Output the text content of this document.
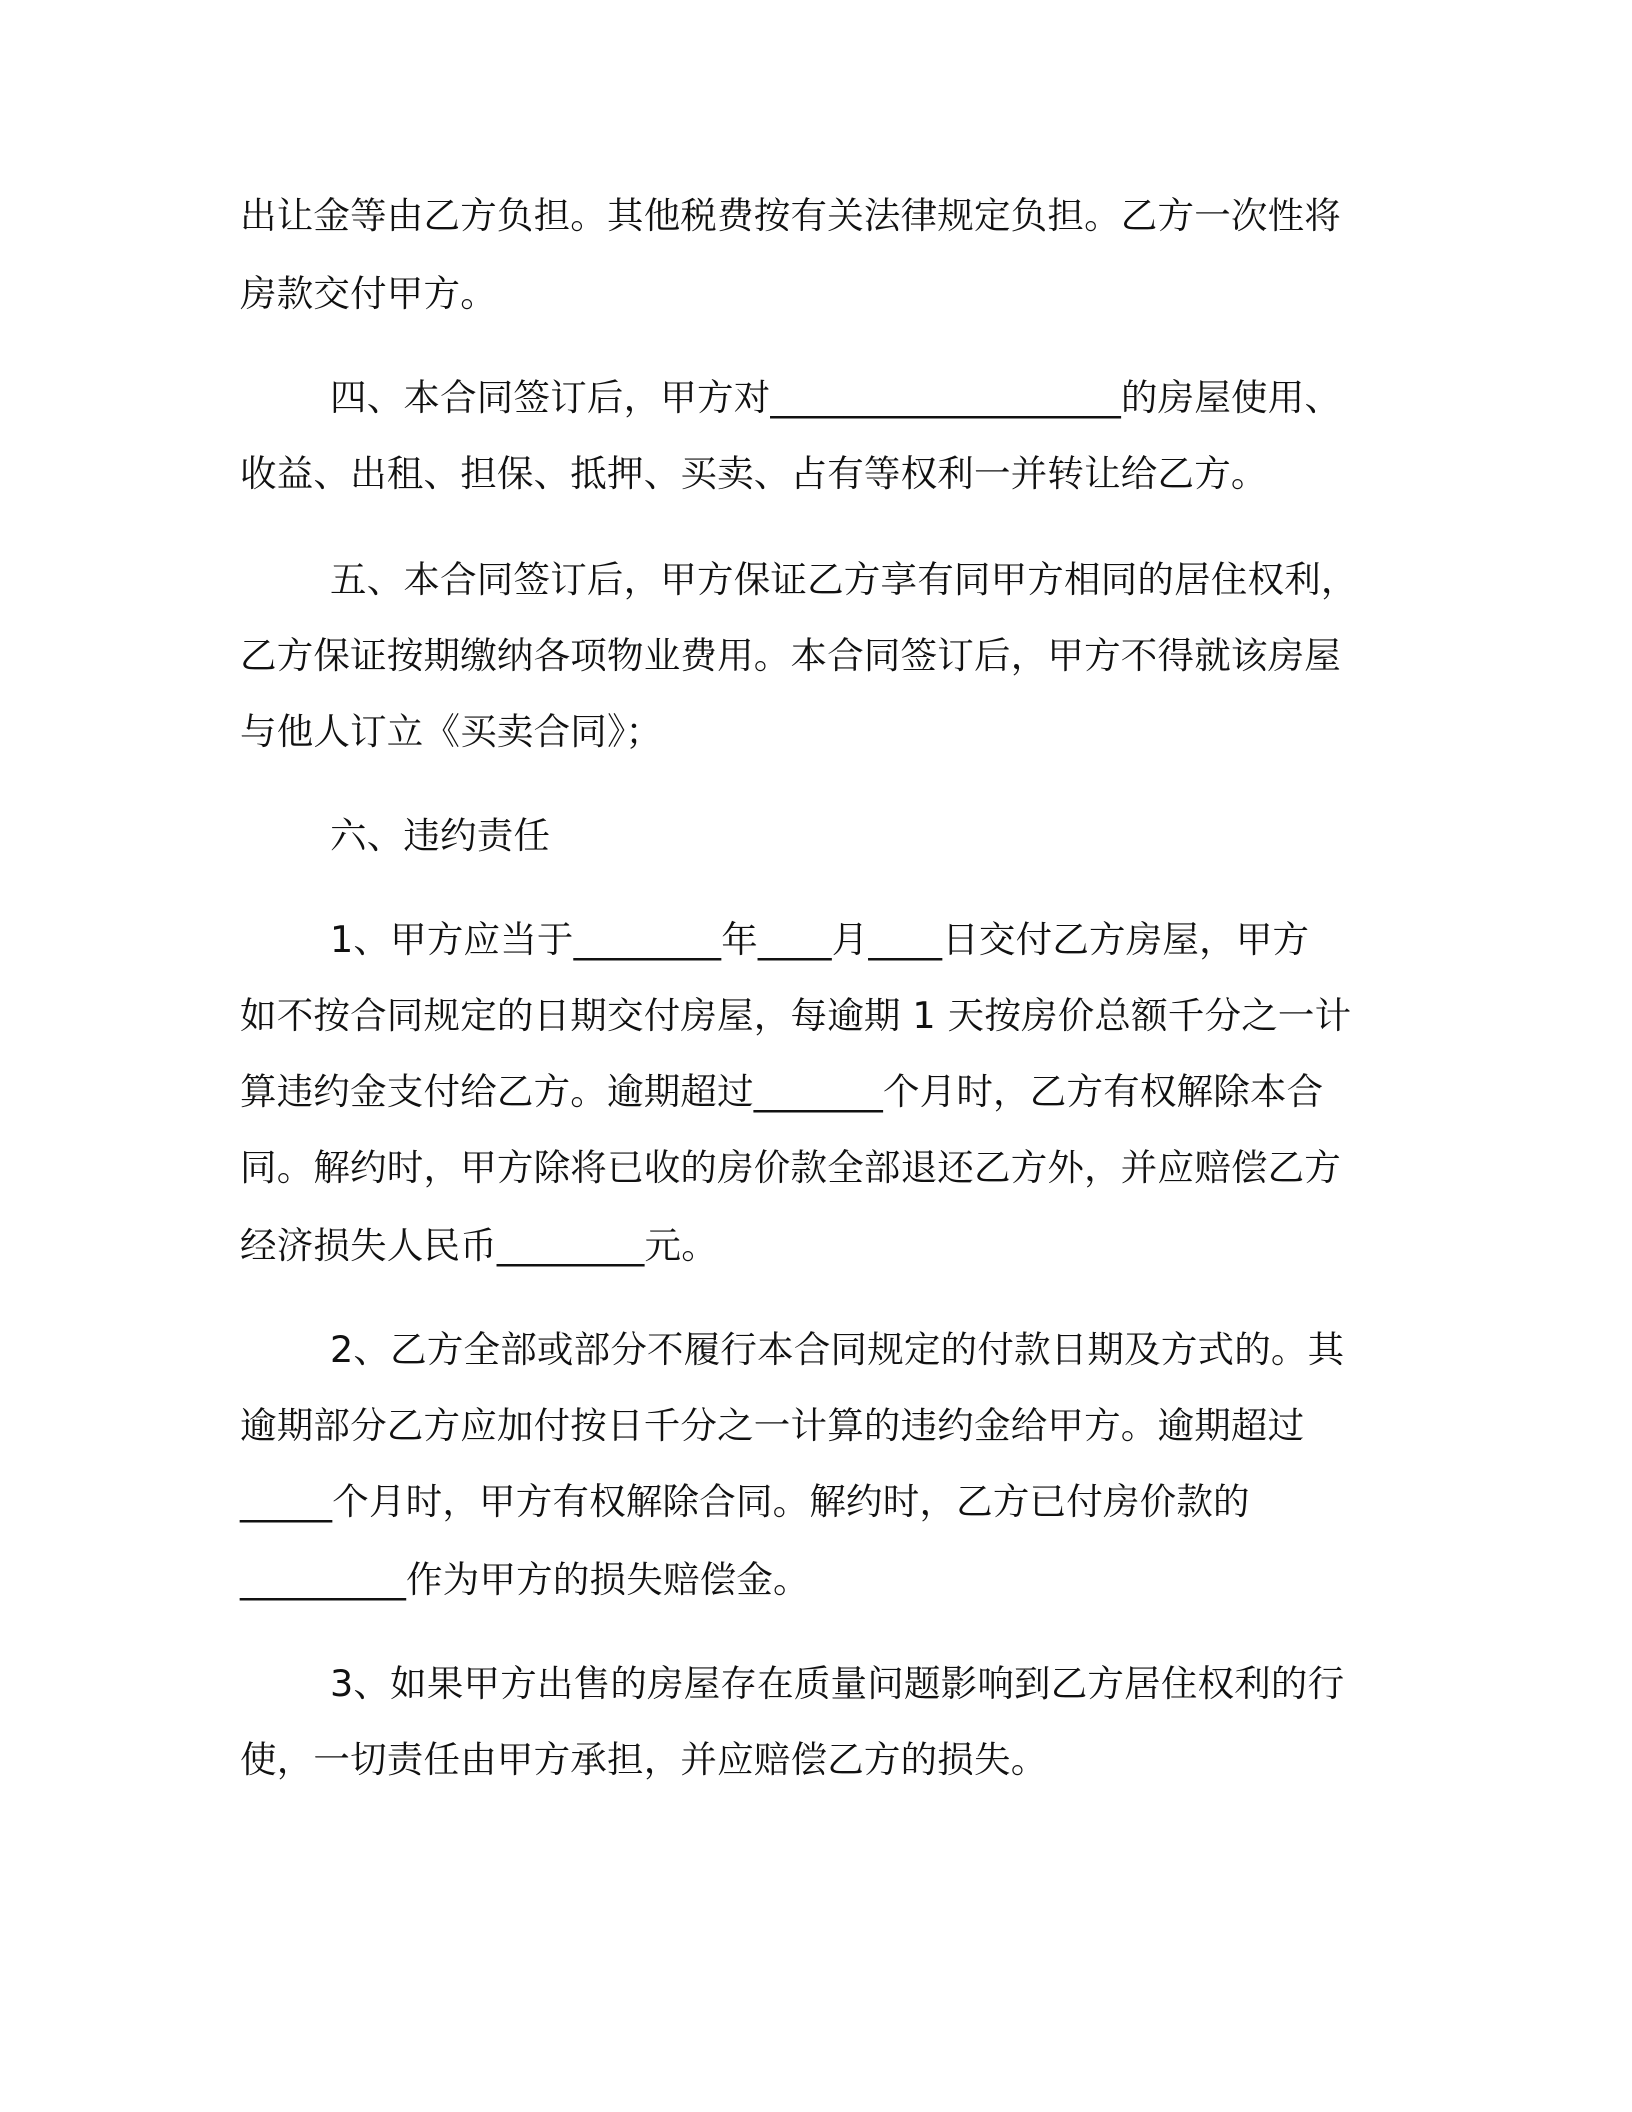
出让金等由乙方负担。其他税费按有关法律规定负担。乙方一次性将
房款交付甲方。
四、本合同签订后，甲方对___________________的房屋使用、
收益、出租、担保、抵押、买卖、占有等权利一并转让给乙方。
五、本合同签订后，甲方保证乙方享有同甲方相同的居住权利，
乙方保证按期缴纳各项物业费用。本合同签订后，甲方不得就该房屋
与他人订立《买卖合同》；
六、违约责任
1、甲方应当于________年____月____日交付乙方房屋，甲方
如不按合同规定的日期交付房屋，每逾期 1 天按房价总额千分之一计
算违约金支付给乙方。逾期超过_______个月时，乙方有权解除本合
同。解约时，甲方除将已收的房价款全部退还乙方外，并应赔偿乙方
经济损失人民币________元。
2、乙方全部或部分不履行本合同规定的付款日期及方式的。其
逾期部分乙方应加付按日千分之一计算的违约金给甲方。逾期超过
_____个月时，甲方有权解除合同。解约时，乙方已付房价款的
_________作为甲方的损失赔偿金。
3、如果甲方出售的房屋存在质量问题影响到乙方居住权利的行
使，一切责任由甲方承担，并应赔偿乙方的损失。
